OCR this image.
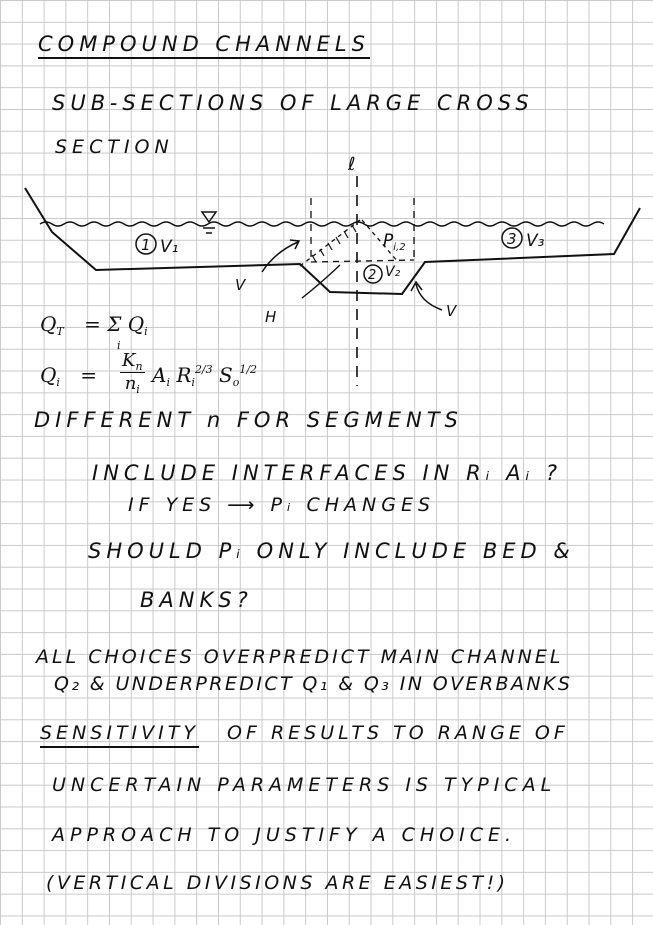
COMPOUND CHANNELS
SUB-SECTIONS OF LARGE CROSS
SECTION
ℓ
1 V₁
2 V₂
3 V₃
$P_{i,2}$
V
H	V
$Q_T = \Sigma$ $Q_i$
i
$Q_i$ =
$K_n$
$n_i$
$A_i$ $R_i^{2/3}$ $S_o^{1/2}$
DIFFERENT n FOR SEGMENTS
INCLUDE INTERFACES IN Rᵢ Aᵢ ?
IF YES ⟶ Pᵢ CHANGES
SHOULD Pᵢ ONLY INCLUDE BED &
BANKS?
ALL CHOICES OVERPREDICT MAIN CHANNEL
Q₂ & UNDERPREDICT Q₁ & Q₃ IN OVERBANKS
SENSITIVITY OF RESULTS TO RANGE OF
UNCERTAIN PARAMETERS IS TYPICAL
APPROACH TO JUSTIFY A CHOICE.
(VERTICAL DIVISIONS ARE EASIEST!)
